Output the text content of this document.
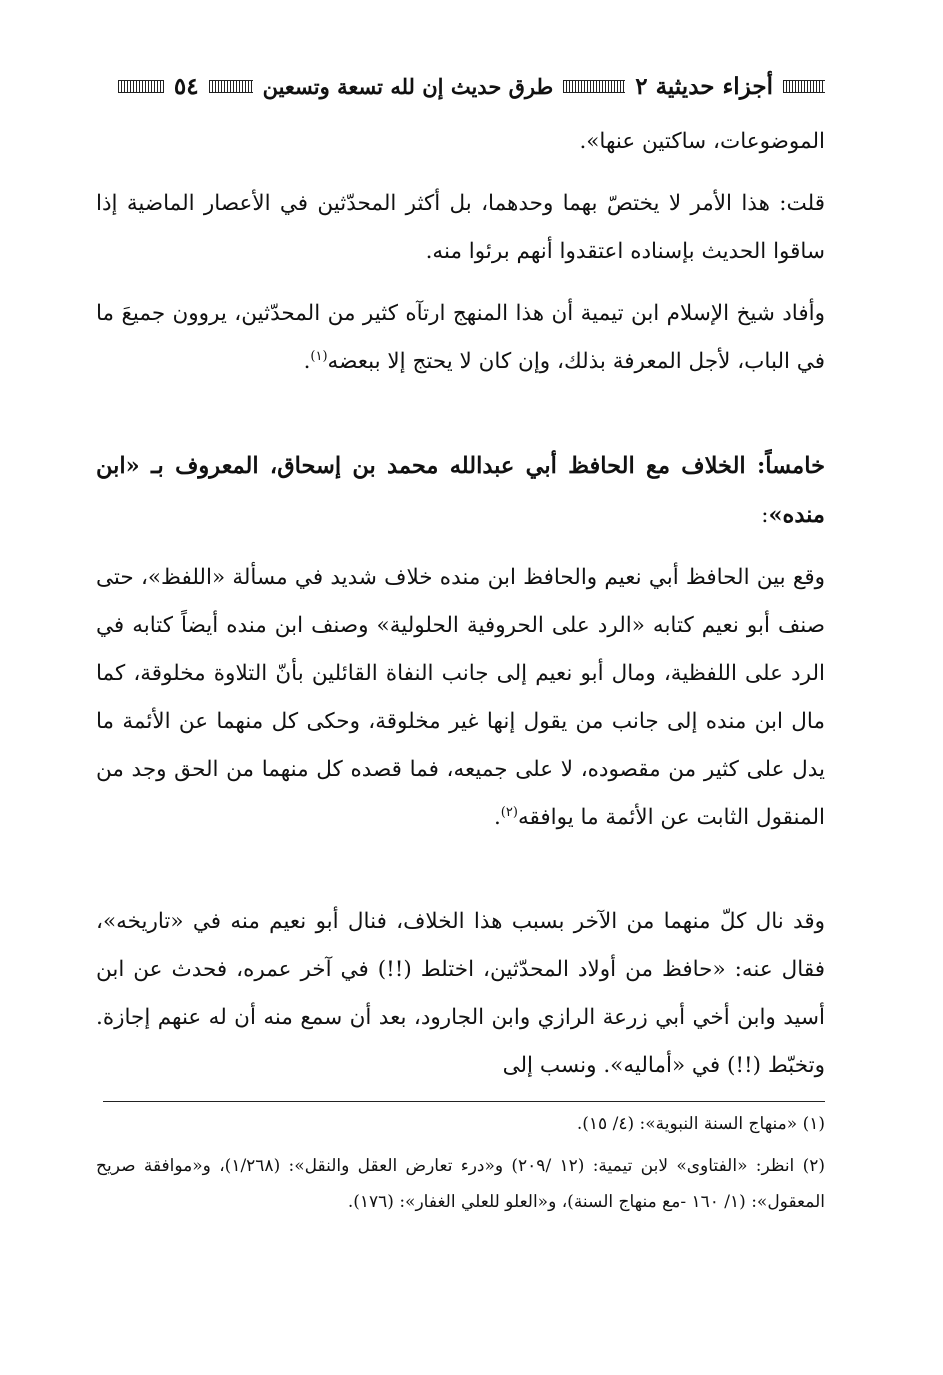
أجزاء حديثية ٢
طرق حديث إن لله تسعة وتسعين
٥٤

الموضوعات، ساكتين عنها».

قلت: هذا الأمر لا يختصّ بهما وحدهما، بل أكثر المحدّثين في الأعصار الماضية إذا ساقوا الحديث بإسناده اعتقدوا أنهم برئوا منه.

وأفاد شيخ الإسلام ابن تيمية أن هذا المنهج ارتآه كثير من المحدّثين، يروون جميعَ ما في الباب، لأجل المعرفة بذلك، وإن كان لا يحتج إلا ببعضه$^{(١)}$.

خامساً: الخلاف مع الحافظ أبي عبدالله محمد بن إسحاق، المعروف بـ «ابن منده»:

وقع بين الحافظ أبي نعيم والحافظ ابن منده خلاف شديد في مسألة «اللفظ»، حتى صنف أبو نعيم كتابه «الرد على الحروفية الحلولية» وصنف ابن منده أيضاً كتابه في الرد على اللفظية، ومال أبو نعيم إلى جانب النفاة القائلين بأنّ التلاوة مخلوقة، كما مال ابن منده إلى جانب من يقول إنها غير مخلوقة، وحكى كل منهما عن الأئمة ما يدل على كثير من مقصوده، لا على جميعه، فما قصده كل منهما من الحق وجد من المنقول الثابت عن الأئمة ما يوافقه$^{(٢)}$.

وقد نال كلّ منهما من الآخر بسبب هذا الخلاف، فنال أبو نعيم منه في «تاريخه»، فقال عنه: «حافظ من أولاد المحدّثين، اختلط (!!) في آخر عمره، فحدث عن ابن أسيد وابن أخي أبي زرعة الرازي وابن الجارود، بعد أن سمع منه أن له عنهم إجازة. وتخبّط (!!) في «أماليه». ونسب إلى

(١) «منهاج السنة النبوية»: (٤/ ١٥).

(٢) انظر: «الفتاوى» لابن تيمية: (١٢ /٢٠٩) و«درء تعارض العقل والنقل»: (١/٢٦٨)، و«موافقة صريح المعقول»: (١/ ١٦٠ -مع منهاج السنة)، و«العلو للعلي الغفار»: (١٧٦).
